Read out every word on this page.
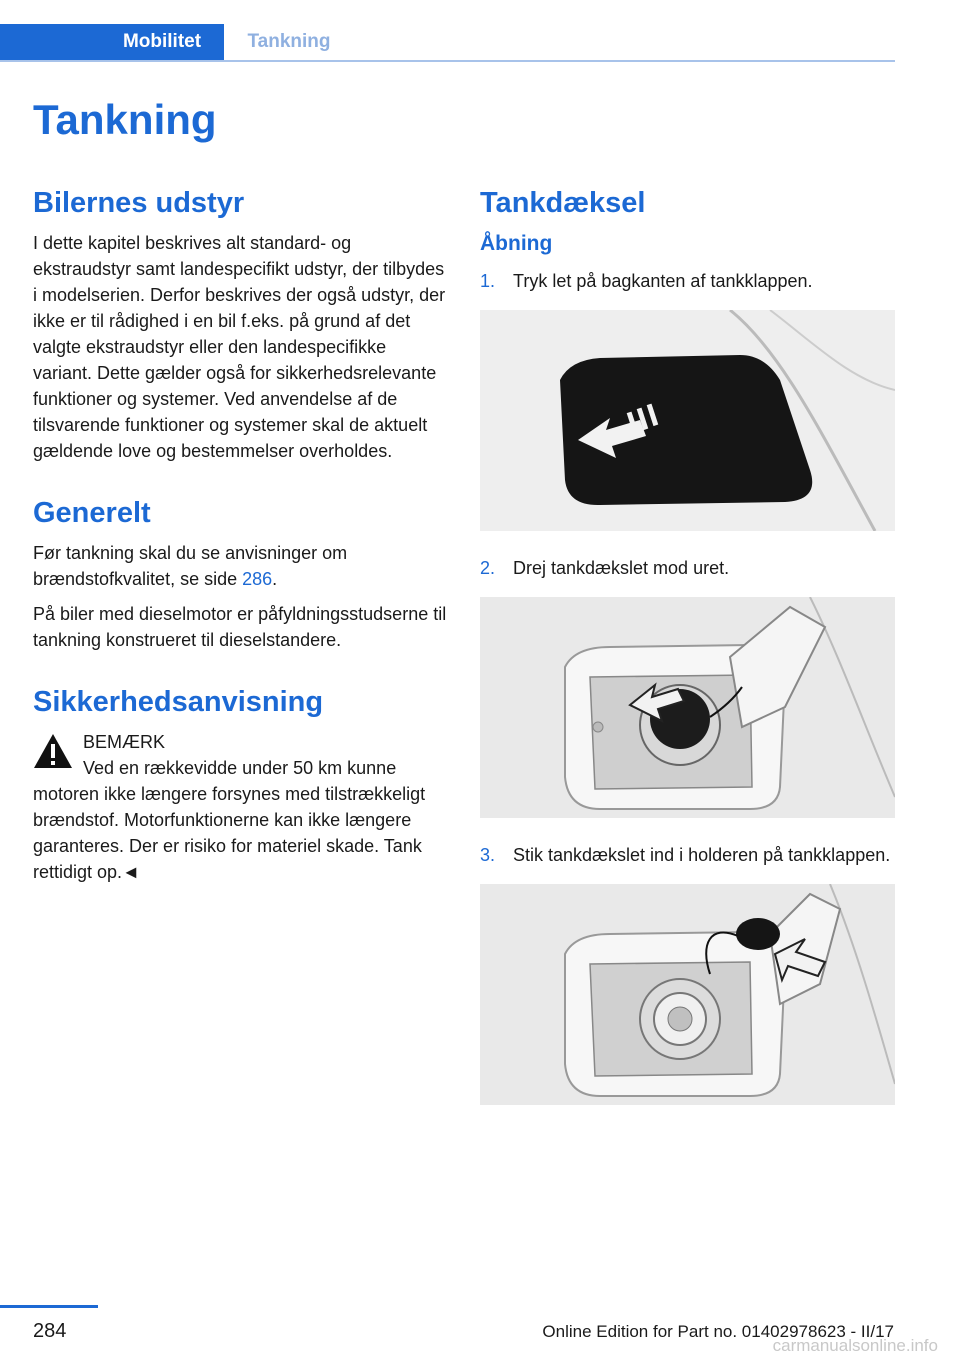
Mobilitet	Tankning
Tankning
Bilernes udstyr

I dette kapitel beskrives alt standard- og ekstraudstyr samt landespecifikt udstyr, der tilbydes i modelserien. Derfor beskrives der også udstyr, der ikke er til rådighed i en bil f.eks. på grund af det valgte ekstraudstyr eller den landespecifikke variant. Dette gælder også for sikkerhedsrelevante funktioner og systemer. Ved anvendelse af de tilsvarende funktioner og systemer skal de aktuelt gældende love og bestemmelser overholdes.

Generelt

Før tankning skal du se anvisninger om brændstofkvalitet, se side 286.

På biler med dieselmotor er påfyldningsstudserne til tankning konstrueret til dieselstandere.

Sikkerhedsanvisning
BEMÆRK
Ved en rækkevidde under 50 km kunne motoren ikke længere forsynes med tilstrækkeligt brændstof. Motorfunktionerne kan ikke længere garanteres. Der er risiko for materiel skade. Tank rettidigt op.◄
Tankdæksel
Åbning
1. Tryk let på bagkanten af tankklappen.
2. Drej tankdækslet mod uret.
3. Stik tankdækslet ind i holderen på tankklappen.
284	Online Edition for Part no. 01402978623 - II/17
carmanualsonline.info
